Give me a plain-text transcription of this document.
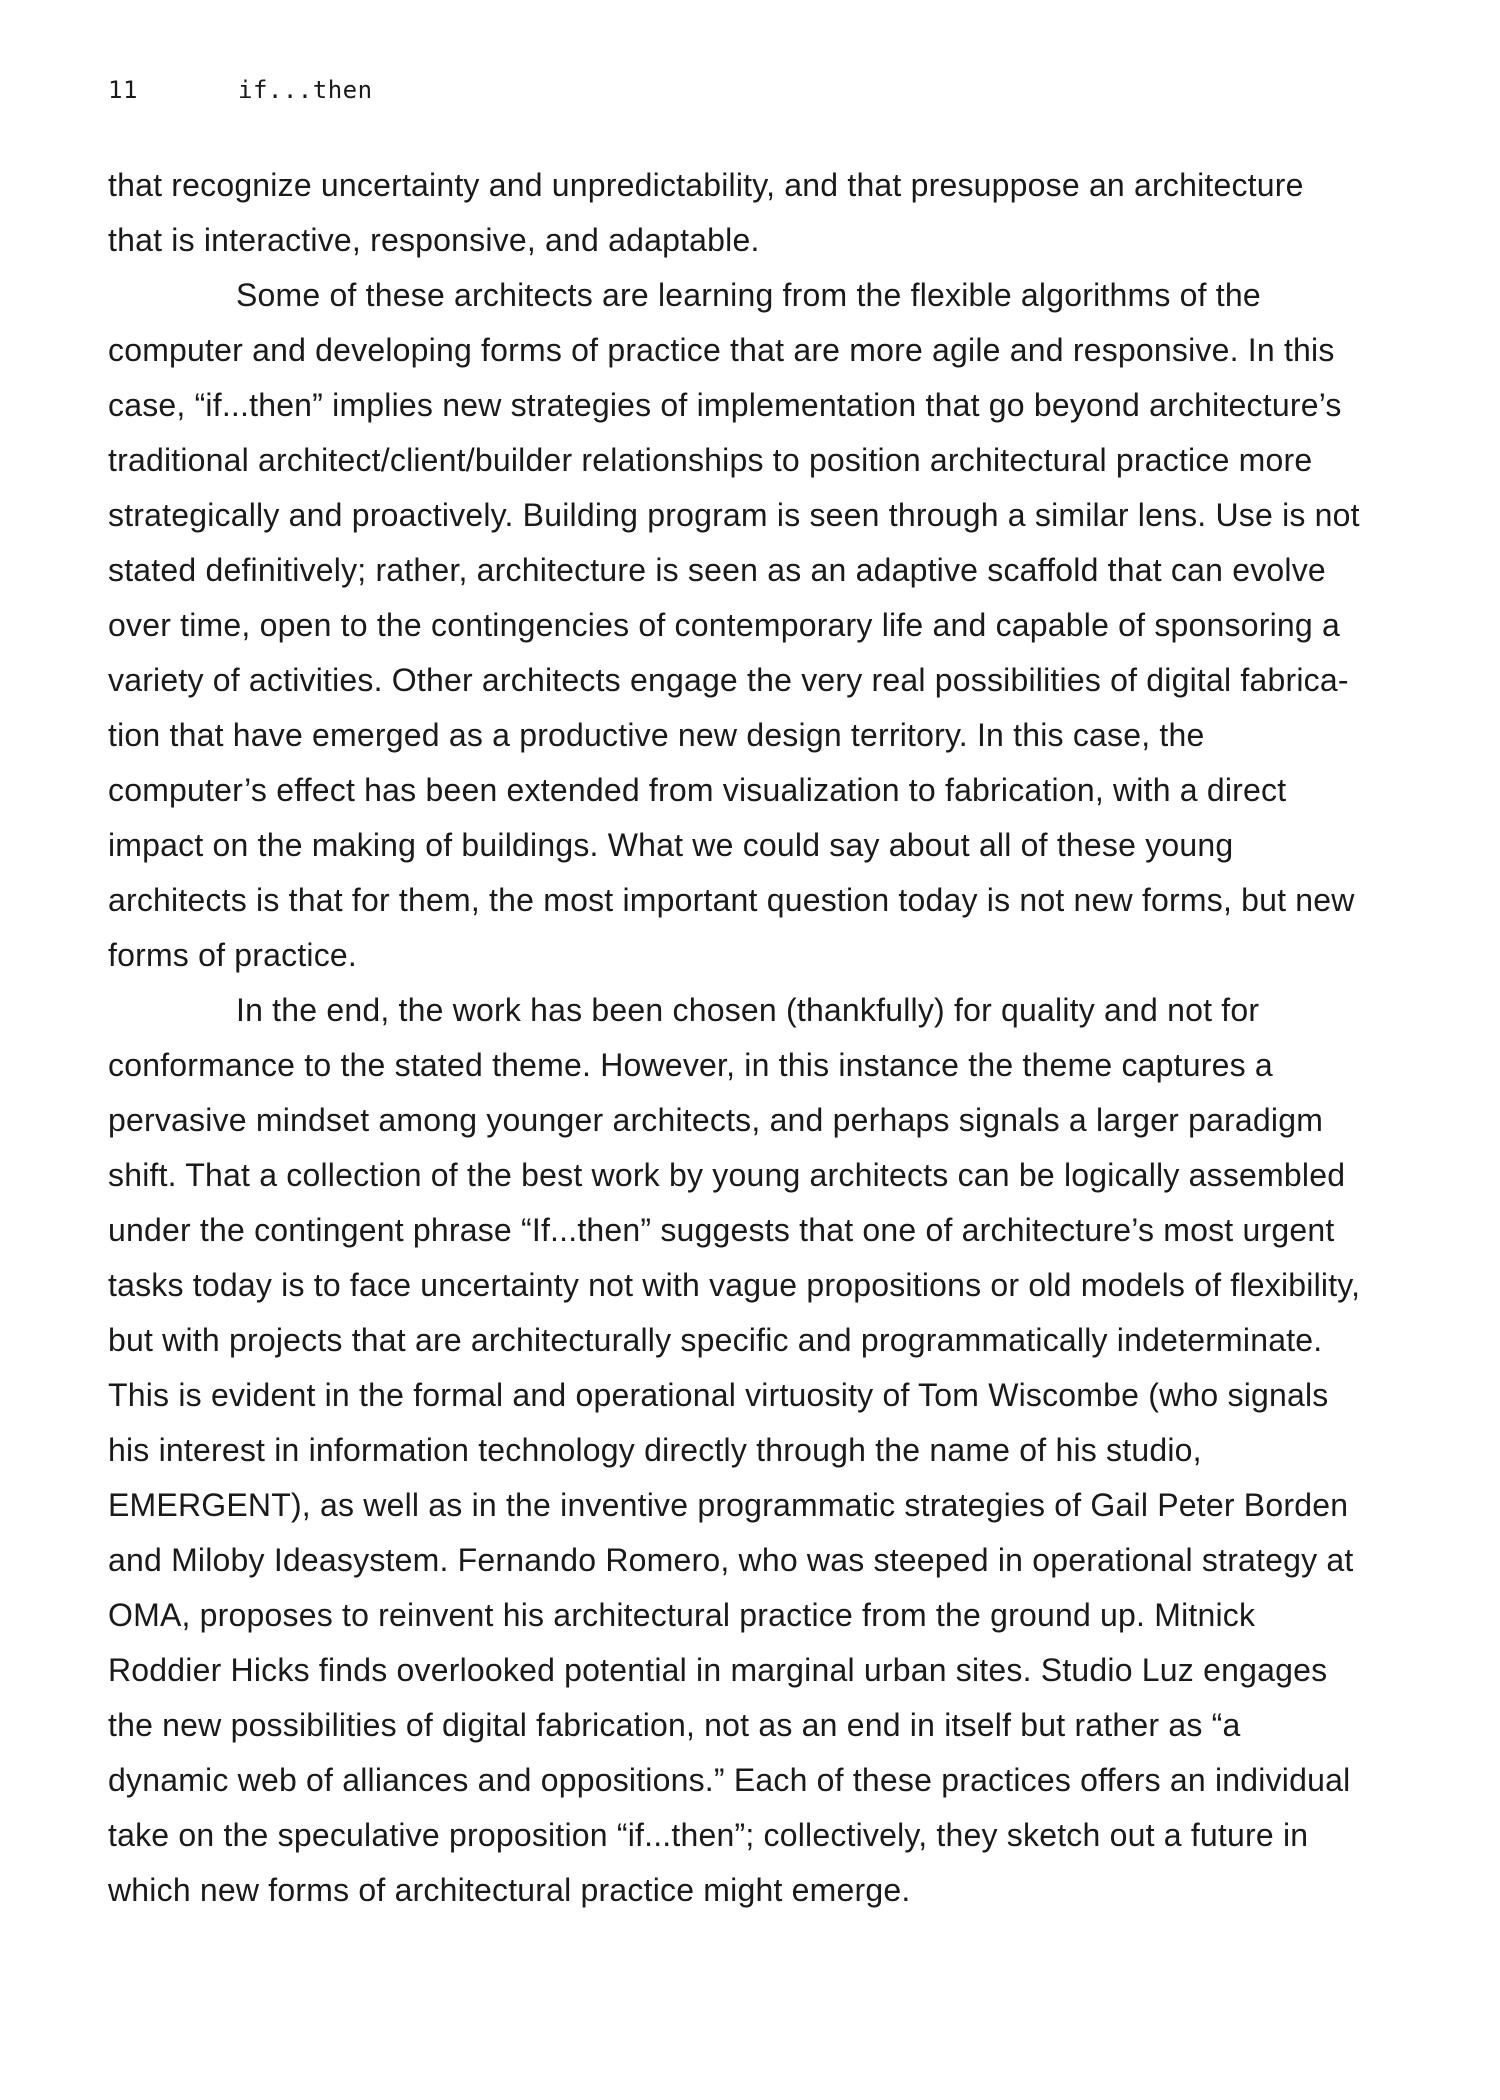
11	if...then

that recognize uncertainty and unpredictability, and that presuppose an architecture that is interactive, responsive, and adaptable.

Some of these architects are learning from the flexible algorithms of the computer and developing forms of practice that are more agile and responsive. In this case, “if...then” implies new strategies of implementation that go beyond architecture’s traditional architect/client/builder relationships to position architectural practice more strategically and proactively. Building program is seen through a similar lens. Use is not stated definitively; rather, architecture is seen as an adaptive scaffold that can evolve over time, open to the contingencies of contemporary life and capable of sponsoring a variety of activities. Other architects engage the very real possibilities of digital fabrication that have emerged as a productive new design territory. In this case, the computer’s effect has been extended from visualization to fabrication, with a direct impact on the making of buildings. What we could say about all of these young architects is that for them, the most important question today is not new forms, but new forms of practice.

In the end, the work has been chosen (thankfully) for quality and not for conformance to the stated theme. However, in this instance the theme captures a pervasive mindset among younger architects, and perhaps signals a larger paradigm shift. That a collection of the best work by young architects can be logically assembled under the contingent phrase “If...then” suggests that one of architecture’s most urgent tasks today is to face uncertainty not with vague propositions or old models of flexibility, but with projects that are architecturally specific and programmatically indeterminate. This is evident in the formal and operational virtuosity of Tom Wiscombe (who signals his interest in information technology directly through the name of his studio, EMERGENT), as well as in the inventive programmatic strategies of Gail Peter Borden and Miloby Ideasystem. Fernando Romero, who was steeped in operational strategy at OMA, proposes to reinvent his architectural practice from the ground up. Mitnick Roddier Hicks finds overlooked potential in marginal urban sites. Studio Luz engages the new possibilities of digital fabrication, not as an end in itself but rather as “a dynamic web of alliances and oppositions.” Each of these practices offers an individual take on the speculative proposition “if...then”; collectively, they sketch out a future in which new forms of architectural practice might emerge.
